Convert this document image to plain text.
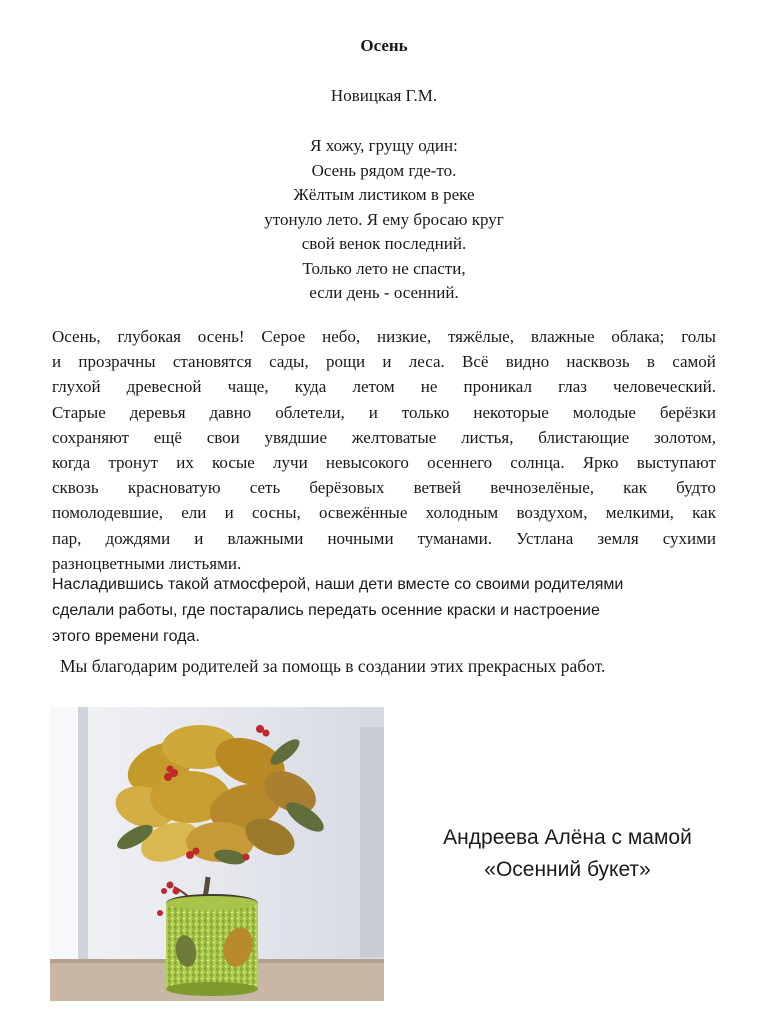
Осень
Новицкая Г.М.
Я хожу, грущу один:
Осень рядом где-то.
Жёлтым листиком в реке
утонуло лето. Я ему бросаю круг
свой венок последний.
Только лето не спасти,
если день - осенний.
Осень, глубокая осень! Серое небо, низкие, тяжёлые, влажные облака; голы
и прозрачны становятся сады, рощи и леса. Всё видно насквозь в самой
глухой древесной чаще, куда летом не проникал глаз человеческий.
Старые деревья давно облетели, и только некоторые молодые берёзки
сохраняют ещё свои увядшие желтоватые листья, блистающие золотом,
когда тронут их косые лучи невысокого осеннего солнца. Ярко выступают
сквозь красноватую сеть берёзовых ветвей вечнозелёные, как будто
помолодевшие, ели и сосны, освежённые холодным воздухом, мелкими, как
пар, дождями и влажными ночными туманами. Устлана земля сухими
разноцветными листьями.
Насладившись такой атмосферой, наши дети вместе со своими родителями
сделали работы, где постарались передать осенние краски и настроение
этого времени года.
Мы благодарим родителей за помощь в создании этих прекрасных работ.
Андреева Алёна с мамой
«Осенний букет»
